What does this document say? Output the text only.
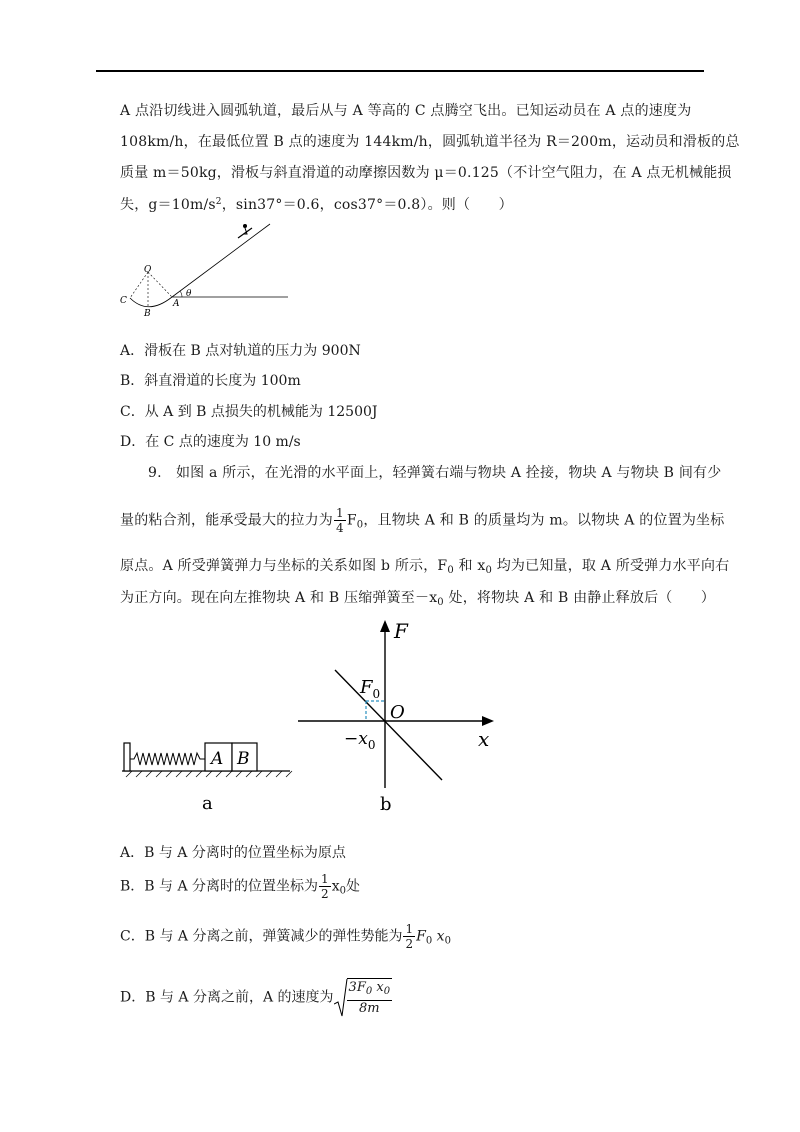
A 点沿切线进入圆弧轨道，最后从与 A 等高的 C 点腾空飞出。已知运动员在 A 点的速度为
108km/h，在最低位置 B 点的速度为 144km/h，圆弧轨道半径为 R＝200m，运动员和滑板的总
质量 m＝50kg，滑板与斜直滑道的动摩擦因数为 μ＝0.125（不计空气阻力，在 A 点无机械能损
失，$g=10m/s^2$，sin37°＝0.6，cos37°＝0.8）。则（　　）
O
C
B
A
θ
A．滑板在 B 点对轨道的压力为 900N
B．斜直滑道的长度为 100m
C．从 A 到 B 点损失的机械能为 12500J
D．在 C 点的速度为 10 m/s
9.　如图 a 所示，在光滑的水平面上，轻弹簧右端与物块 A 拴接，物块 A 与物块 B 间有少
量的粘合剂，能承受最大的拉力为 $\frac{1}{4} F_0$，且物块 A 和 B 的质量均为 m。以物块 A 的位置为坐标
原点。A 所受弹簧弹力与坐标的关系如图 b 所示，$F_0$ 和 $x_0$ 均为已知量，取 A 所受弹力水平向右
为正方向。现在向左推物块 A 和 B 压缩弹簧至$-x_0$ 处，将物块 A 和 B 由静止释放后（　　）
A B
a
F
x
O
$F_0$
$-x_0$
b
A．B 与 A 分离时的位置坐标为原点
B．B 与 A 分离时的位置坐标为 $\frac{1}{2} x_0$处
C．B 与 A 分离之前，弹簧减少的弹性势能为 $\frac{1}{2} F_0$ $x_0$
D．B 与 A 分离之前，A 的速度为 $\frac{3F_0 x_0}{8m}$
